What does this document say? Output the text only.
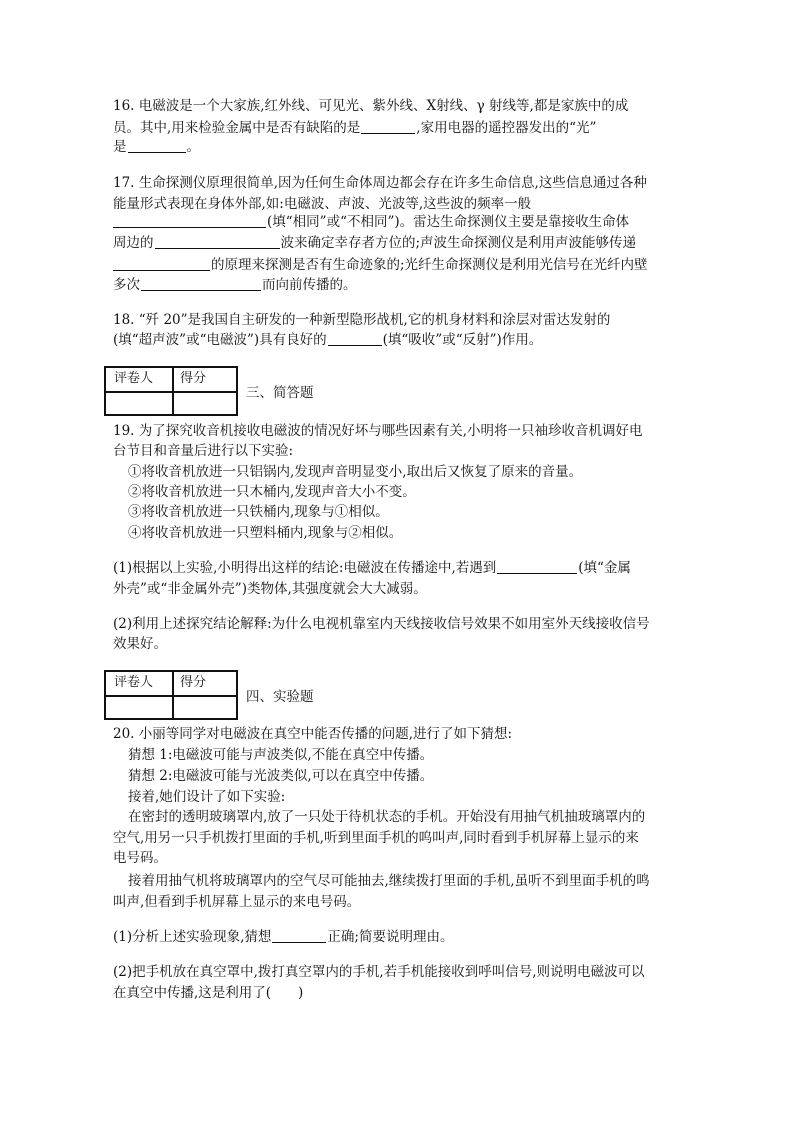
16. 电磁波是一个大家族,红外线、可见光、紫外线、X射线、γ 射线等,都是家族中的成
员。其中,用来检验金属中是否有缺陷的是	,家用电器的遥控器发出的“光”
是	。
17. 生命探测仪原理很简单,因为任何生命体周边都会存在许多生命信息,这些信息通过各种
能量形式表现在身体外部,如:电磁波、声波、光波等,这些波的频率一般
(填“相同”或“不相同”)。雷达生命探测仪主要是靠接收生命体
周边的	波来确定幸存者方位的;声波生命探测仪是利用声波能够传递
的原理来探测是否有生命迹象的;光纤生命探测仪是利用光信号在光纤内壁
多次	而向前传播的。
18. “歼 20”是我国自主研发的一种新型隐形战机,它的机身材料和涂层对雷达发射的
(填“超声波”或“电磁波”)具有良好的	(填“吸收”或“反射”)作用。
评卷人 得分
三、简答题
19. 为了探究收音机接收电磁波的情况好坏与哪些因素有关,小明将一只袖珍收音机调好电
台节目和音量后进行以下实验:
①将收音机放进一只铝锅内,发现声音明显变小,取出后又恢复了原来的音量。
②将收音机放进一只木桶内,发现声音大小不变。
③将收音机放进一只铁桶内,现象与①相似。
④将收音机放进一只塑料桶内,现象与②相似。
(1)根据以上实验,小明得出这样的结论:电磁波在传播途中,若遇到	(填“金属
外壳”或“非金属外壳”)类物体,其强度就会大大减弱。
(2)利用上述探究结论解释:为什么电视机靠室内天线接收信号效果不如用室外天线接收信号
效果好。
评卷人 得分
四、实验题
20. 小丽等同学对电磁波在真空中能否传播的问题,进行了如下猜想:
猜想 1:电磁波可能与声波类似,不能在真空中传播。
猜想 2:电磁波可能与光波类似,可以在真空中传播。
接着,她们设计了如下实验:
在密封的透明玻璃罩内,放了一只处于待机状态的手机。开始没有用抽气机抽玻璃罩内的
空气,用另一只手机拨打里面的手机,听到里面手机的呜叫声,同时看到手机屏幕上显示的来
电号码。
接着用抽气机将玻璃罩内的空气尽可能抽去,继续拨打里面的手机,虽听不到里面手机的鸣
叫声,但看到手机屏幕上显示的来电号码。
(1)分析上述实验现象,猜想	正确;简要说明理由。
(2)把手机放在真空罩中,拨打真空罩内的手机,若手机能接收到呼叫信号,则说明电磁波可以
在真空中传播,这是利用了(　　)
